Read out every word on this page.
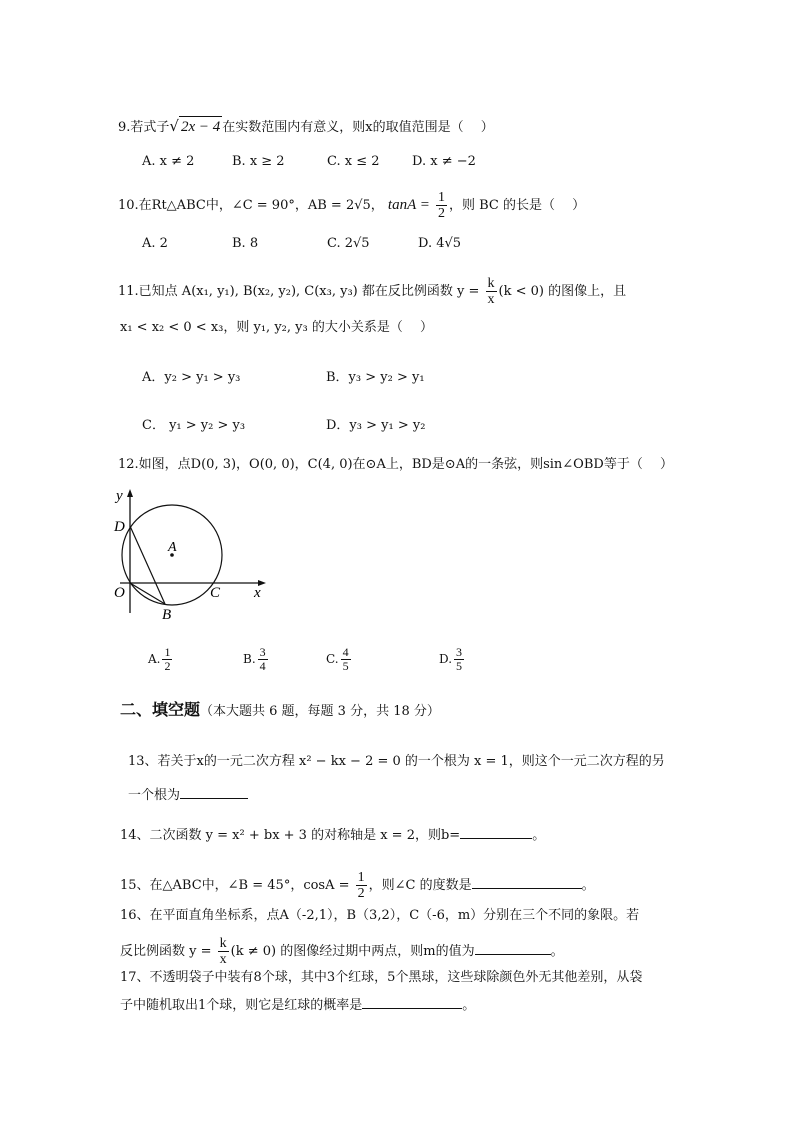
9.若式子√ 2x − 4 在实数范围内有意义，则x的取值范围是（　 ）
A. x ≠ 2	B. x ≥ 2	C. x ≤ 2 D. x ≠ −2
10.在Rt△ABC中，∠C = 90°，AB = 2√5， $\tan A = \frac{1}{2}$ ，则 BC 的长是（　 ）
A. 2	B. 8	C. 2√5	D. 4√5
11.已知点 A(x₁, y₁), B(x₂, y₂), C(x₃, y₃) 都在反比例函数 $y = \frac{k}{x} (k < 0)$ 的图像上，且
x₁ < x₂ < 0 < x₃，则 y₁, y₂, y₃ 的大小关系是（　 ）
A．y₂ > y₁ > y₃	B．y₃ > y₂ > y₁
C． y₁ > y₂ > y₃	D．y₃ > y₁ > y₂
12.如图，点D(0, 3)，O(0, 0)，C(4, 0)在⊙A上，BD是⊙A的一条弦，则sin∠OBD等于（　 ）
y
x
D
A
O
B
C
A. $\frac{1}{2}$	B. $\frac{3}{4}$	C. $\frac{4}{5}$	D. $\frac{3}{5}$
二、填空题（本大题共 6 题，每题 3 分，共 18 分）
13、若关于x的一元二次方程 x² − kx − 2 = 0 的一个根为 x = 1，则这个一元二次方程的另
一个根为
14、二次函数 y = x² + bx + 3 的对称轴是 x = 2，则b=	。
15、在△ABC中，∠B = 45°，$\cos A = \frac{1}{2}$ ，则∠C 的度数是	。
16、在平面直角坐标系，点A（-2,1），B（3,2），C（-6，m）分别在三个不同的象限。若
反比例函数 $y = \frac{k}{x} (k \ne 0)$ 的图像经过期中两点，则m的值为	。
17、不透明袋子中装有8个球，其中3个红球，5个黑球，这些球除颜色外无其他差别，从袋
子中随机取出1个球，则它是红球的概率是	。
